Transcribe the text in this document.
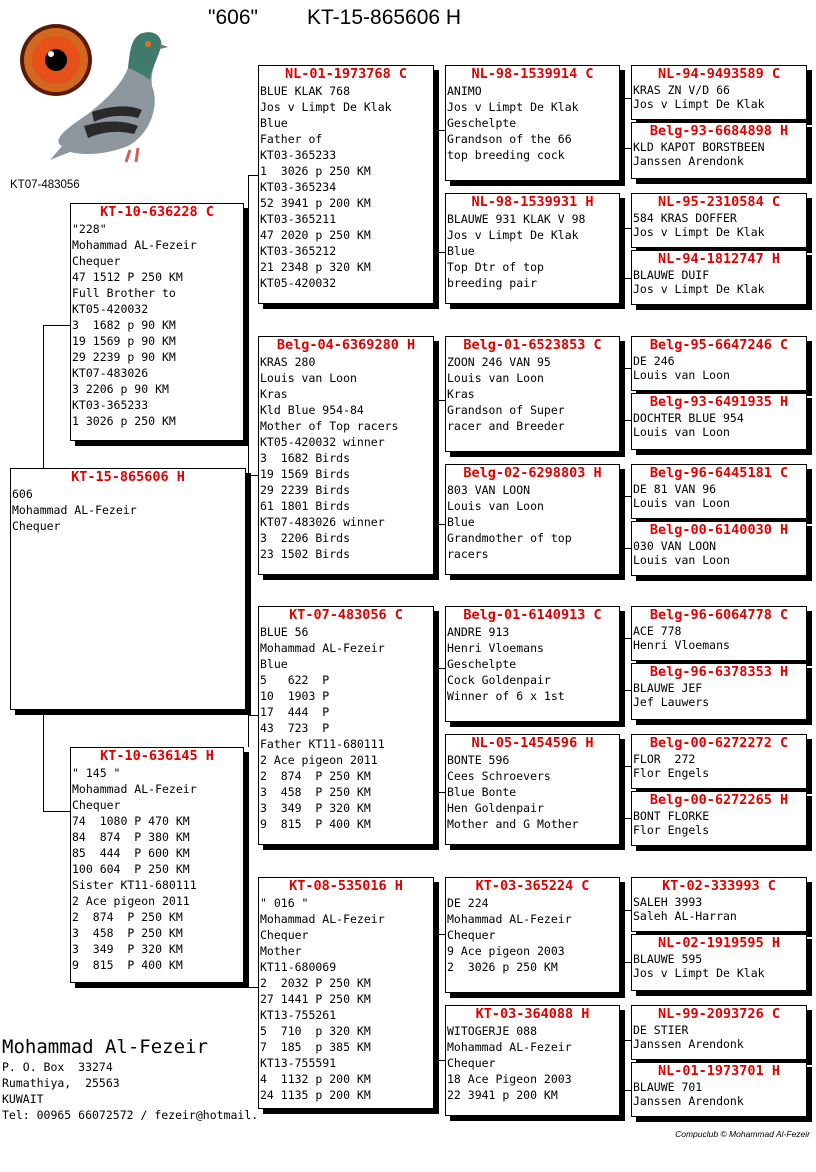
"606" KT-15-865606 H
KT07-483056
KT-15-865606 H
606
Mohammad AL-Fezeir
Chequer
KT-10-636228 C
"228"
Mohammad AL-Fezeir
Chequer
47 1512 P 250 KM
Full Brother to
KT05-420032
3  1682 p 90 KM
19 1569 p 90 KM
29 2239 p 90 KM
KT07-483026
3 2206 p 90 KM
KT03-365233
1 3026 p 250 KM
KT-10-636145 H
" 145 "
Mohammad AL-Fezeir
Chequer
74  1080 P 470 KM
84  874  P 380 KM
85  444  P 600 KM
100 604  P 250 KM
Sister KT11-680111
2 Ace pigeon 2011
2  874  P 250 KM
3  458  P 250 KM
3  349  P 320 KM
9  815  P 400 KM
NL-01-1973768 C
BLUE KLAK 768
Jos v Limpt De Klak
Blue
Father of
KT03-365233
1  3026 p 250 KM
KT03-365234
52 3941 p 200 KM
KT03-365211
47 2020 p 250 KM
KT03-365212
21 2348 p 320 KM
KT05-420032
Belg-04-6369280 H
KRAS 280
Louis van Loon
Kras
Kld Blue 954-84
Mother of Top racers
KT05-420032 winner
3  1682 Birds
19 1569 Birds
29 2239 Birds
61 1801 Birds
KT07-483026 winner
3  2206 Birds
23 1502 Birds
KT-07-483056 C
BLUE 56
Mohammad AL-Fezeir
Blue
5   622  P
10  1903 P
17  444  P
43  723  P
Father KT11-680111
2 Ace pigeon 2011
2  874  P 250 KM
3  458  P 250 KM
3  349  P 320 KM
9  815  P 400 KM
KT-08-535016 H
" 016 "
Mohammad AL-Fezeir
Chequer
Mother
KT11-680069
2  2032 P 250 KM
27 1441 P 250 KM
KT13-755261
5  710  p 320 KM
7  185  p 385 KM
KT13-755591
4  1132 p 200 KM
24 1135 p 200 KM
NL-98-1539914 C
ANIMO
Jos v Limpt De Klak
Geschelpte
Grandson of the 66
top breeding cock
NL-98-1539931 H
BLAUWE 931 KLAK V 98
Jos v Limpt De Klak
Blue
Top Dtr of top
breeding pair
Belg-01-6523853 C
ZOON 246 VAN 95
Louis van Loon
Kras
Grandson of Super
racer and Breeder
Belg-02-6298803 H
803 VAN LOON
Louis van Loon
Blue
Grandmother of top
racers
Belg-01-6140913 C
ANDRE 913
Henri Vloemans
Geschelpte
Cock Goldenpair
Winner of 6 x 1st
NL-05-1454596 H
BONTE 596
Cees Schroevers
Blue Bonte
Hen Goldenpair
Mother and G Mother
KT-03-365224 C
DE 224
Mohammad AL-Fezeir
Chequer
9 Ace pigeon 2003
2  3026 p 250 KM
KT-03-364088 H
WITOGERJE 088
Mohammad AL-Fezeir
Chequer
18 Ace Pigeon 2003
22 3941 p 200 KM
NL-94-9493589 C
KRAS ZN V/D 66
Jos v Limpt De Klak
Belg-93-6684898 H
KLD KAPOT BORSTBEEN
Janssen Arendonk
NL-95-2310584 C
584 KRAS DOFFER
Jos v Limpt De Klak
NL-94-1812747 H
BLAUWE DUIF
Jos v Limpt De Klak
Belg-95-6647246 C
DE 246
Louis van Loon
Belg-93-6491935 H
DOCHTER BLUE 954
Louis van Loon
Belg-96-6445181 C
DE 81 VAN 96
Louis van Loon
Belg-00-6140030 H
030 VAN LOON
Louis van Loon
Belg-96-6064778 C
ACE 778
Henri Vloemans
Belg-96-6378353 H
BLAUWE JEF
Jef Lauwers
Belg-00-6272272 C
FLOR  272
Flor Engels
Belg-00-6272265 H
BONT FLORKE
Flor Engels
KT-02-333993 C
SALEH 3993
Saleh AL-Harran
NL-02-1919595 H
BLAUWE 595
Jos v Limpt De Klak
NL-99-2093726 C
DE STIER
Janssen Arendonk
NL-01-1973701 H
BLAUWE 701
Janssen Arendonk
Mohammad Al-Fezeir
P. O. Box  33274
Rumathiya,  25563
KUWAIT
Tel: 00965 66072572 / fezeir@hotmail.
Compuclub © Mohammad Al-Fezeir
